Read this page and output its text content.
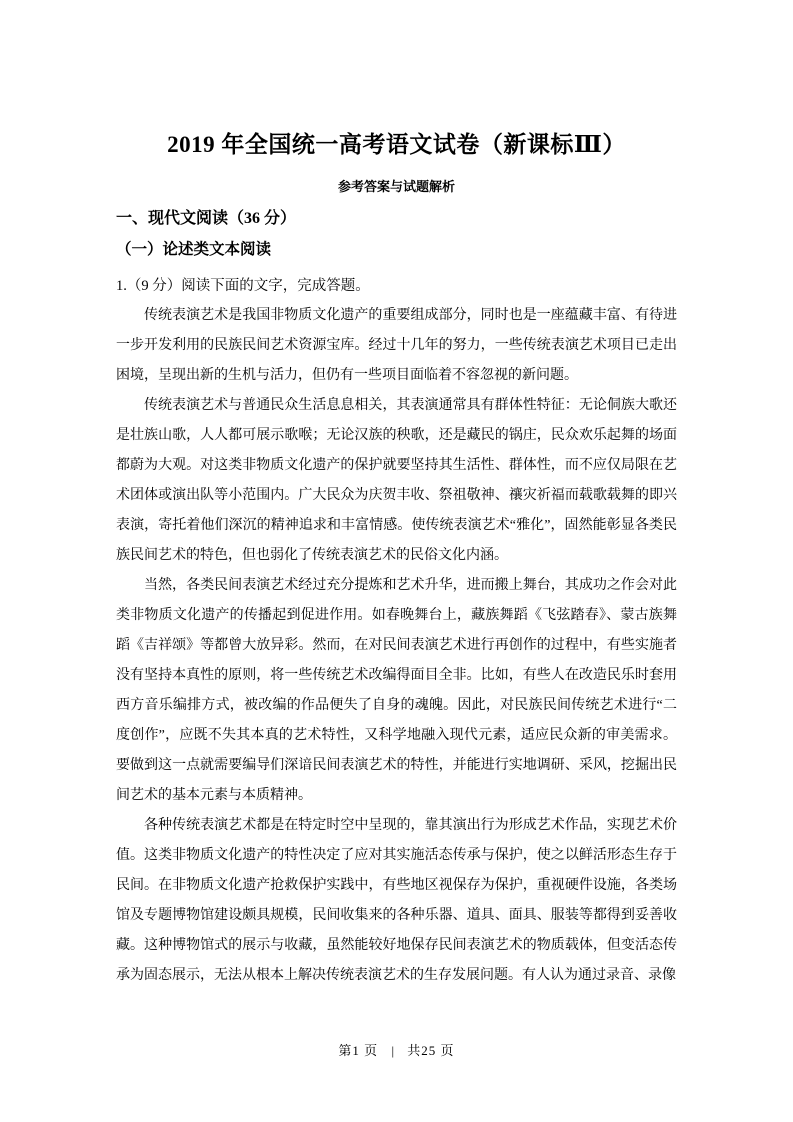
2019 年全国统一高考语文试卷（新课标Ⅲ）
参考答案与试题解析
一、现代文阅读（36 分）
（一）论述类文本阅读

1.（9 分）阅读下面的文字，完成答题。

传统表演艺术是我国非物质文化遗产的重要组成部分，同时也是一座蕴藏丰富、有待进一步开发利用的民族民间艺术资源宝库。经过十几年的努力，一些传统表演艺术项目已走出困境，呈现出新的生机与活力，但仍有一些项目面临着不容忽视的新问题。

传统表演艺术与普通民众生活息息相关，其表演通常具有群体性特征：无论侗族大歌还是壮族山歌，人人都可展示歌喉；无论汉族的秧歌，还是藏民的锅庄，民众欢乐起舞的场面都蔚为大观。对这类非物质文化遗产的保护就要坚持其生活性、群体性，而不应仅局限在艺术团体或演出队等小范围内。广大民众为庆贺丰收、祭祖敬神、禳灾祈福而载歌载舞的即兴表演，寄托着他们深沉的精神追求和丰富情感。使传统表演艺术“雅化”，固然能彰显各类民族民间艺术的特色，但也弱化了传统表演艺术的民俗文化内涵。

当然，各类民间表演艺术经过充分提炼和艺术升华，进而搬上舞台，其成功之作会对此类非物质文化遗产的传播起到促进作用。如春晚舞台上，藏族舞蹈《飞弦踏春》、蒙古族舞蹈《吉祥颂》等都曾大放异彩。然而，在对民间表演艺术进行再创作的过程中，有些实施者没有坚持本真性的原则，将一些传统艺术改编得面目全非。比如，有些人在改造民乐时套用西方音乐编排方式，被改编的作品便失了自身的魂魄。因此，对民族民间传统艺术进行“二度创作”，应既不失其本真的艺术特性，又科学地融入现代元素，适应民众新的审美需求。要做到这一点就需要编导们深谙民间表演艺术的特性，并能进行实地调研、采风，挖掘出民间艺术的基本元素与本质精神。

各种传统表演艺术都是在特定时空中呈现的，靠其演出行为形成艺术作品，实现艺术价值。这类非物质文化遗产的特性决定了应对其实施活态传承与保护，使之以鲜活形态生存于民间。在非物质文化遗产抢救保护实践中，有些地区视保存为保护，重视硬件设施，各类场馆及专题博物馆建设颇具规模，民间收集来的各种乐器、道具、面具、服装等都得到妥善收藏。这种博物馆式的展示与收藏，虽然能较好地保存民间表演艺术的物质载体，但变活态传承为固态展示，无法从根本上解决传统表演艺术的生存发展问题。有人认为通过录音、录像

第1 页 | 共25 页
